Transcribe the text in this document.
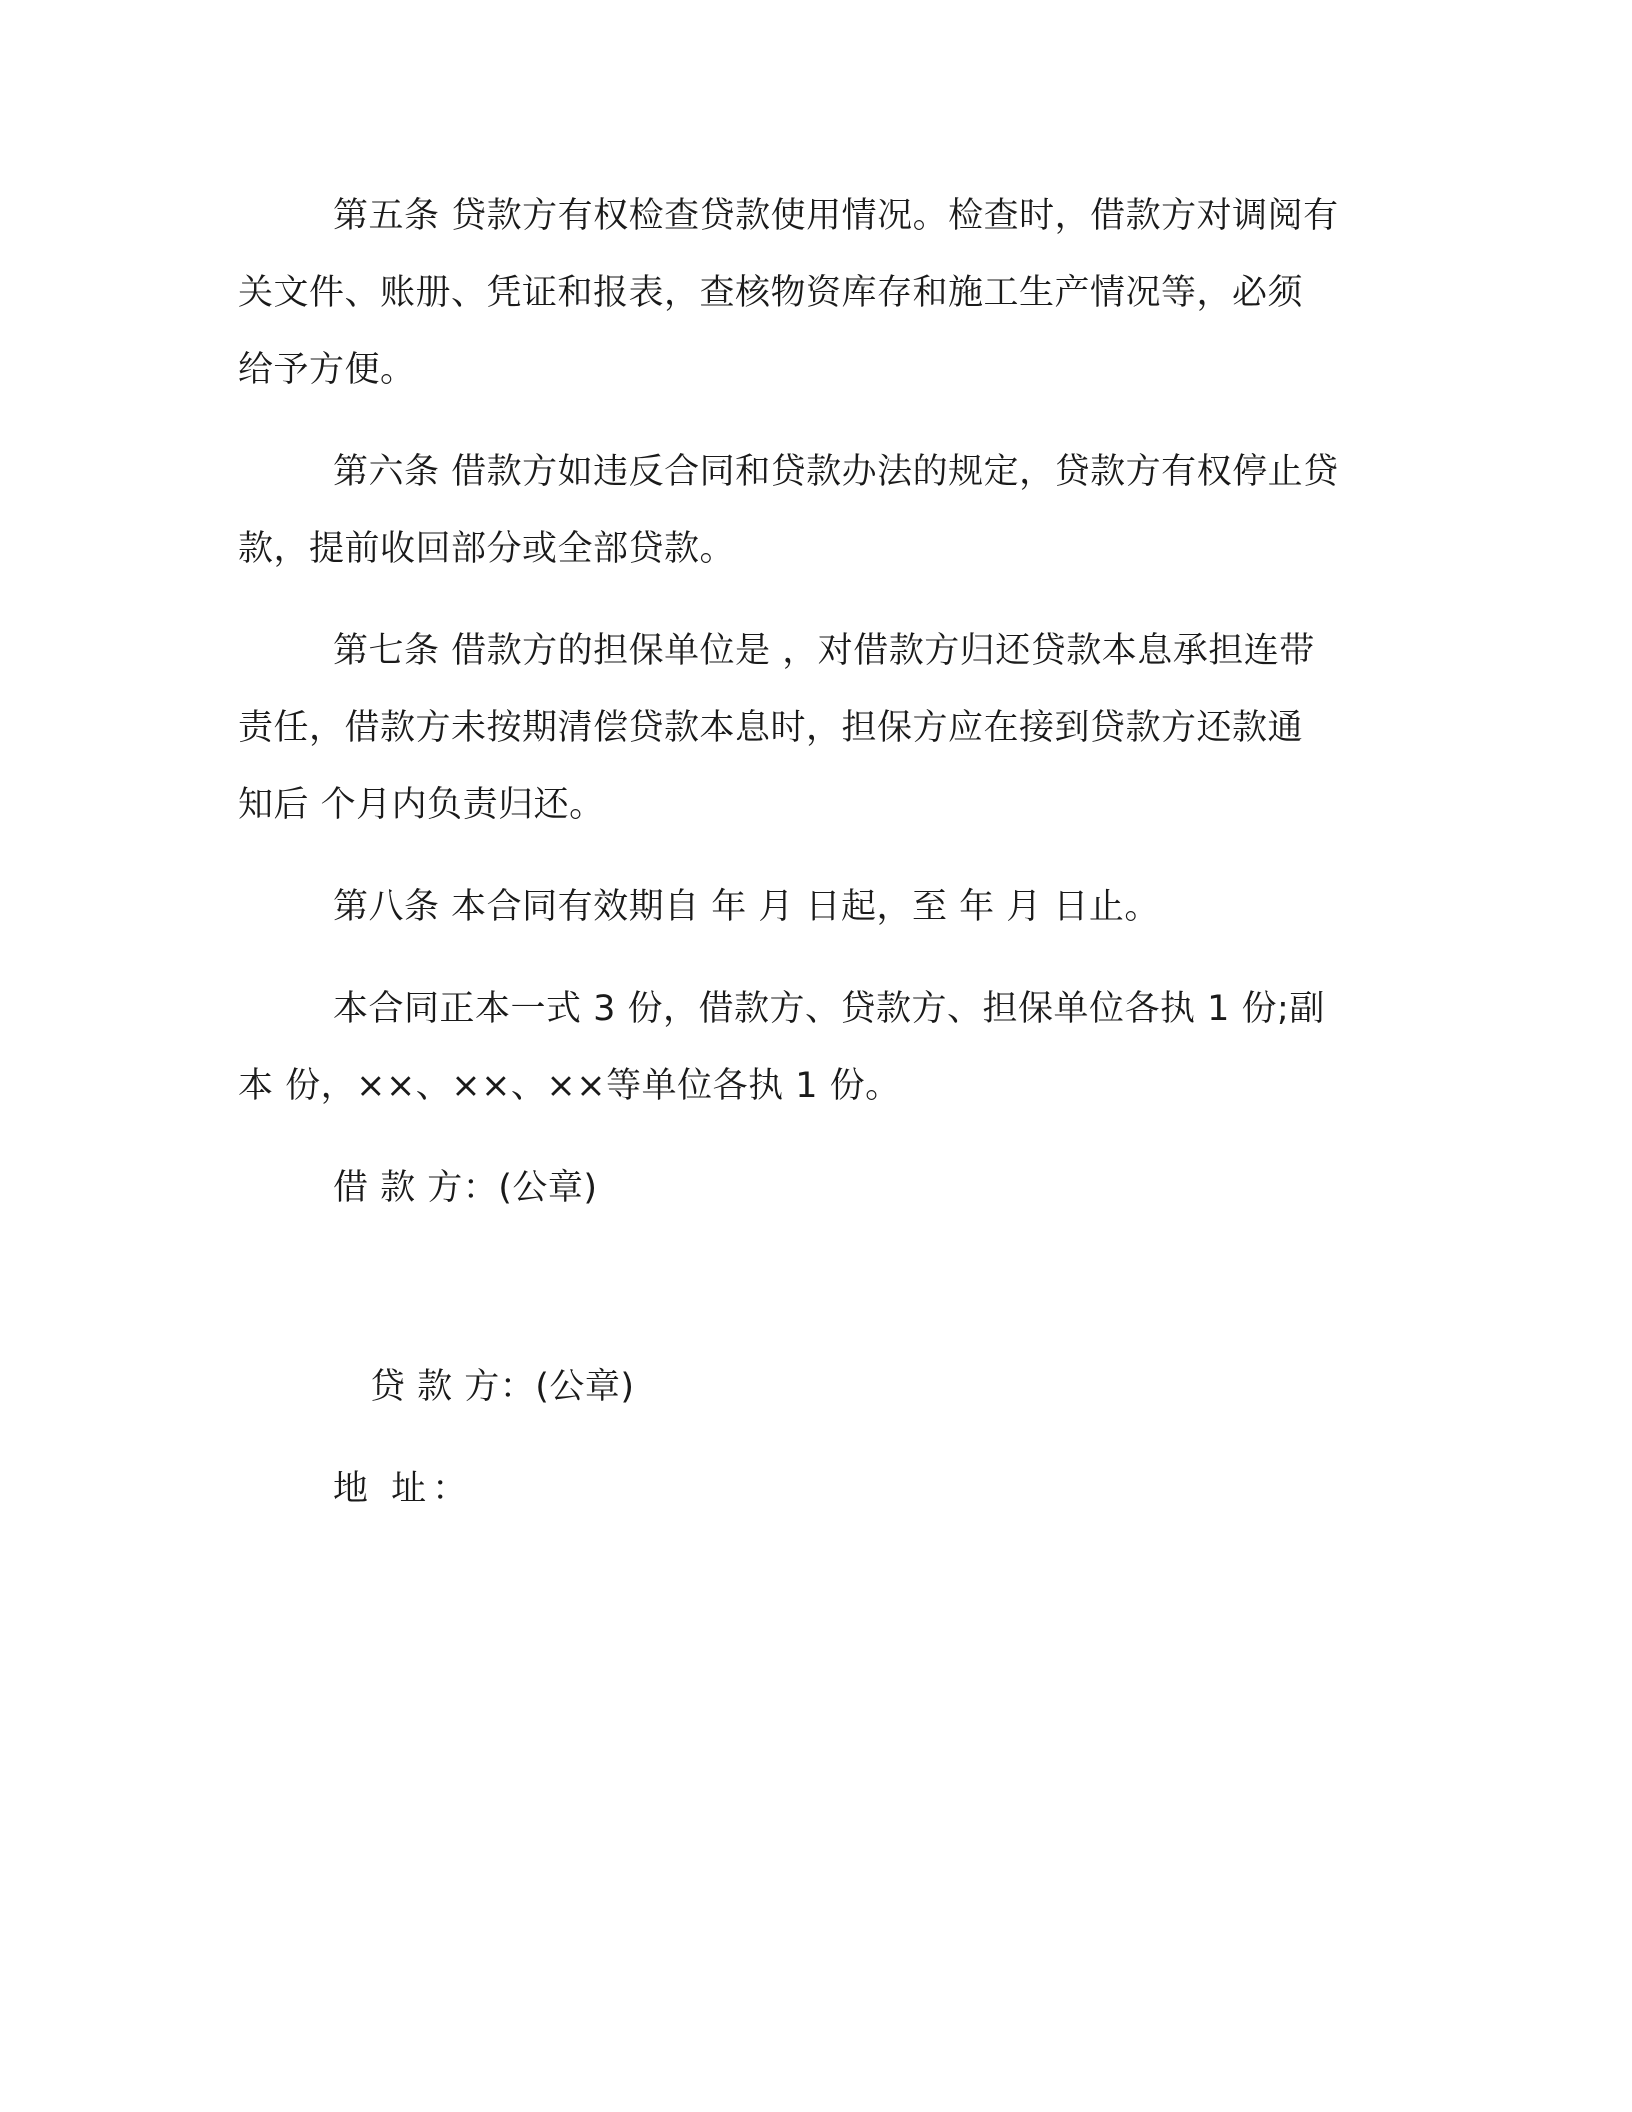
第五条 贷款方有权检查贷款使用情况。检查时，借款方对调阅有
关文件、账册、凭证和报表，查核物资库存和施工生产情况等，必须
给予方便。
第六条 借款方如违反合同和贷款办法的规定，贷款方有权停止贷
款，提前收回部分或全部贷款。
第七条 借款方的担保单位是 ，对借款方归还贷款本息承担连带
责任，借款方未按期清偿贷款本息时，担保方应在接到贷款方还款通
知后 个月内负责归还。
第八条 本合同有效期自 年 月 日起，至 年 月 日止。
本合同正本一式 3 份，借款方、贷款方、担保单位各执 1 份;副
本 份，××、××、××等单位各执 1 份。
借 款 方：(公章)
贷 款 方：(公章)
地 址：
